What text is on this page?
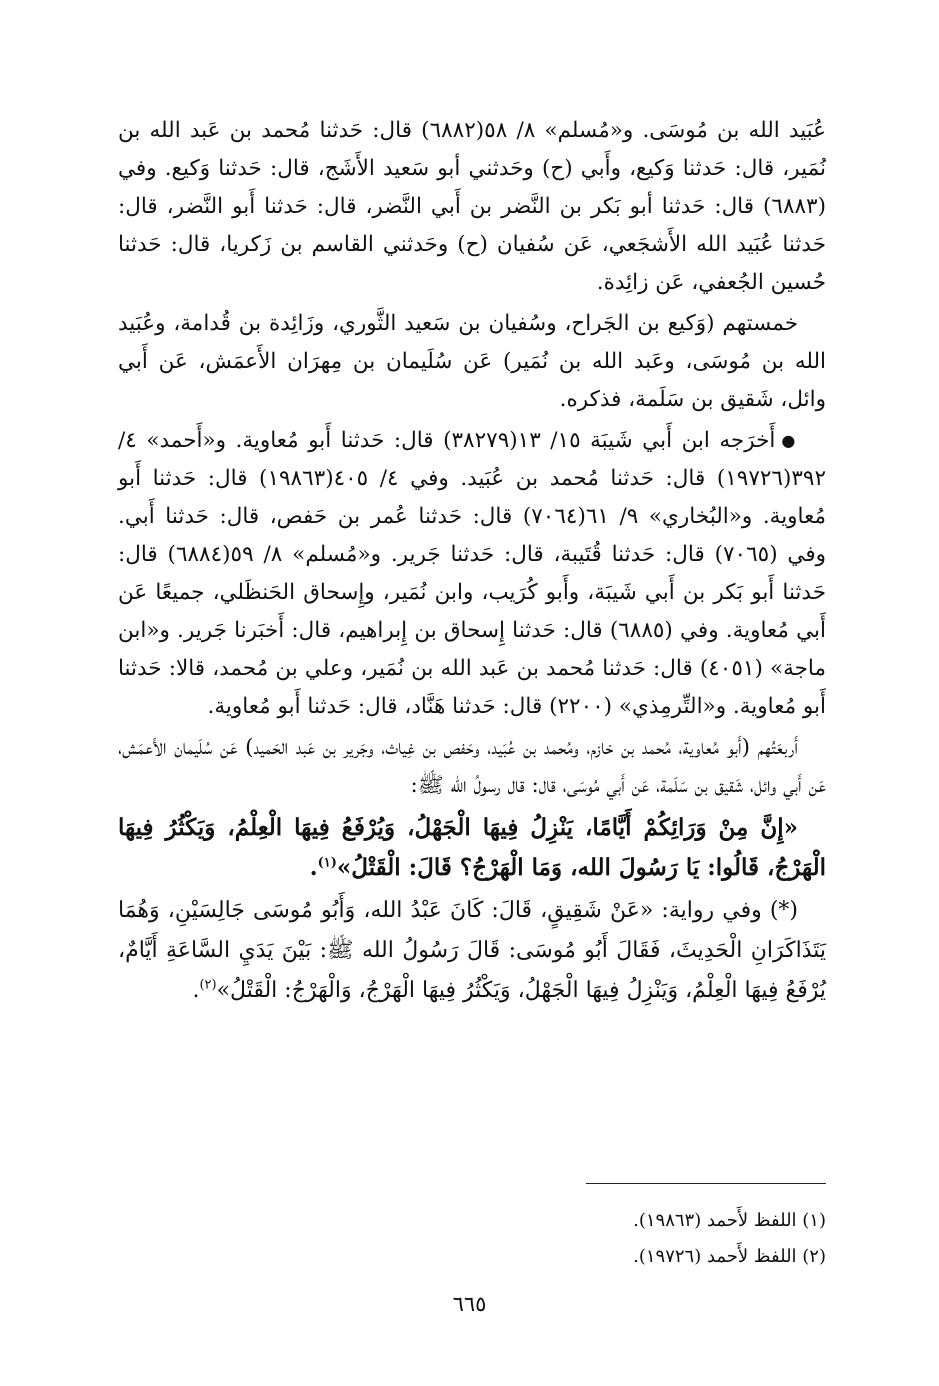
عُبَيد الله بن مُوسَى. و«مُسلم» ٨/ ٥٨(٦٨٨٢) قال: حَدثنا مُحمد بن عَبد الله بن نُمَير، قال: حَدثنا وَكيع، وأَبي (ح) وحَدثني أبو سَعيد الأَشَج، قال: حَدثنا وَكيع. وفي (٦٨٨٣) قال: حَدثنا أبو بَكر بن النَّضر بن أَبي النَّضر، قال: حَدثنا أَبو النَّضر، قال: حَدثنا عُبَيد الله الأَشجَعي، عَن سُفيان (ح) وحَدثني القاسم بن زَكريا، قال: حَدثنا حُسين الجُعفي، عَن زائِدة.

خمستهم (وَكيع بن الجَراح، وسُفيان بن سَعيد الثَّوري، وزَائِدة بن قُدامة، وعُبَيد الله بن مُوسَى، وعَبد الله بن نُمَير) عَن سُلَيمان بن مِهرَان الأَعمَش، عَن أَبي وائل، شَقيق بن سَلَمة، فذكره.

●أَخرَجه ابن أَبي شَيبَة ١٥/ ١٣(٣٨٢٧٩) قال: حَدثنا أَبو مُعاوية. و«أَحمد» ٤/ ٣٩٢(١٩٧٢٦) قال: حَدثنا مُحمد بن عُبَيد. وفي ٤/ ٤٠٥(١٩٨٦٣) قال: حَدثنا أَبو مُعاوية. و«البُخاري» ٩/ ٦١(٧٠٦٤) قال: حَدثنا عُمر بن حَفص، قال: حَدثنا أَبي. وفي (٧٠٦٥) قال: حَدثنا قُتَيبة، قال: حَدثنا جَرير. و«مُسلم» ٨/ ٥٩(٦٨٨٤) قال: حَدثنا أَبو بَكر بن أَبي شَيبَة، وأَبو كُرَيب، وابن نُمَير، وإِسحاق الحَنظَلي، جميعًا عَن أَبي مُعاوية. وفي (٦٨٨٥) قال: حَدثنا إِسحاق بن إِبراهيم، قال: أَخبَرنا جَرير. و«ابن ماجة» (٤٠٥١) قال: حَدثنا مُحمد بن عَبد الله بن نُمَير، وعلي بن مُحمد، قالا: حَدثنا أَبو مُعاوية. و«التِّرمِذي» (٢٢٠٠) قال: حَدثنا هَنَّاد، قال: حَدثنا أَبو مُعاوية.

أَربعَتُهم (أَبو مُعاوية، مُحمد بن خازم، ومُحمد بن عُبَيد، وحَفص بن غِياث، وجَرير بن عَبد الحَميد) عَن سُلَيمان الأَعمَش، عَن أَبي وائل، شَقيق بن سَلَمة، عَن أَبي مُوسَى، قال: قال رسولُ الله ﷺ:

«إِنَّ مِنْ وَرَائِكُمْ أَيَّامًا، يَنْزِلُ فِيهَا الْجَهْلُ، وَيُرْفَعُ فِيهَا الْعِلْمُ، وَيَكْثُرُ فِيهَا الْهَرْجُ، قَالُوا: يَا رَسُولَ الله، وَمَا الْهَرْجُ؟ قَالَ: الْقَتْلُ»$^{(١)}$.

(*) وفي رواية: «عَنْ شَقِيقٍ، قَالَ: كَانَ عَبْدُ الله، وَأَبُو مُوسَى جَالِسَيْنِ، وَهُمَا يَتَذَاكَرَانِ الْحَدِيثَ، فَقَالَ أَبُو مُوسَى: قَالَ رَسُولُ الله ﷺ: بَيْنَ يَدَيِ السَّاعَةِ أَيَّامٌ، يُرْفَعُ فِيهَا الْعِلْمُ، وَيَنْزِلُ فِيهَا الْجَهْلُ، وَيَكْثُرُ فِيهَا الْهَرْجُ، وَالْهَرْجُ: الْقَتْلُ»$^{(٢)}$.

(١) اللفظ لأَحمد (١٩٨٦٣).

(٢) اللفظ لأَحمد (١٩٧٢٦).

٦٦٥
